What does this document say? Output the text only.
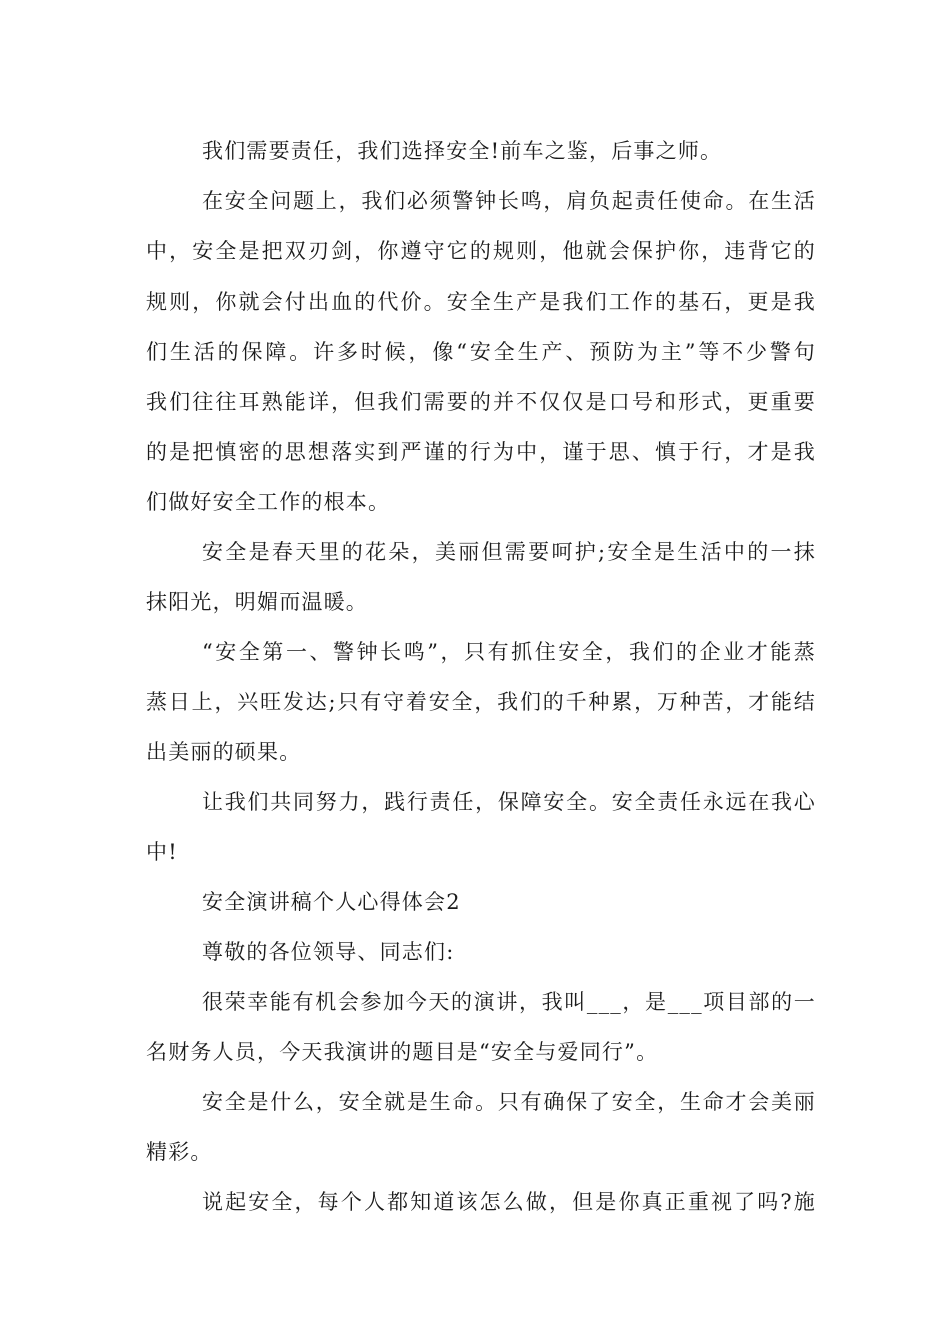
我们需要责任，我们选择安全!前车之鉴，后事之师。
在安全问题上，我们必须警钟长鸣，肩负起责任使命。在生活
中，安全是把双刃剑，你遵守它的规则，他就会保护你，违背它的
规则，你就会付出血的代价。安全生产是我们工作的基石，更是我
们生活的保障。许多时候，像“安全生产、预防为主”等不少警句
我们往往耳熟能详，但我们需要的并不仅仅是口号和形式，更重要
的是把慎密的思想落实到严谨的行为中，谨于思、慎于行，才是我
们做好安全工作的根本。
安全是春天里的花朵，美丽但需要呵护;安全是生活中的一抹
抹阳光，明媚而温暖。
“安全第一、警钟长鸣”，只有抓住安全，我们的企业才能蒸
蒸日上，兴旺发达;只有守着安全，我们的千种累，万种苦，才能结
出美丽的硕果。
让我们共同努力，践行责任，保障安全。安全责任永远在我心
中!
安全演讲稿个人心得体会2
尊敬的各位领导、同志们:
很荣幸能有机会参加今天的演讲，我叫___，是___项目部的一
名财务人员，今天我演讲的题目是“安全与爱同行”。
安全是什么，安全就是生命。只有确保了安全，生命才会美丽
精彩。
说起安全，每个人都知道该怎么做，但是你真正重视了吗?施
